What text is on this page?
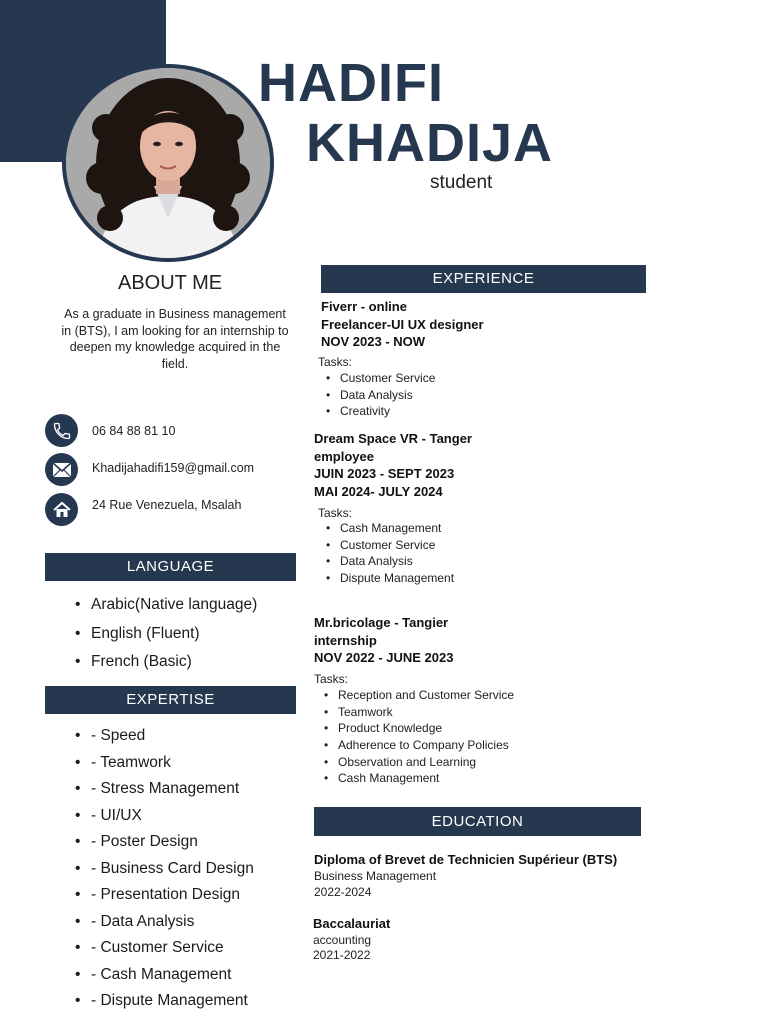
HADIFI
KHADIJA
student
ABOUT ME
As a graduate in Business management in (BTS), I am looking for an internship to deepen my knowledge acquired in the field.
06 84 88 81 10
Khadijahadifi159@gmail.com
24 Rue Venezuela, Msalah
LANGUAGE
• Arabic(Native language)
• English (Fluent)
• French (Basic)
EXPERTISE
• - Speed
• - Teamwork
• - Stress Management
• - UI/UX
• - Poster Design
• - Business Card Design
• - Presentation Design
• - Data Analysis
• - Customer Service
• - Cash Management
• - Dispute Management
EXPERIENCE
Fiverr - online
Freelancer-UI UX designer
NOV 2023 - NOW
Tasks:
• Customer Service
• Data Analysis
• Creativity
Dream Space VR - Tanger
employee
JUIN 2023 - SEPT 2023
MAI 2024- JULY 2024
Tasks:
• Cash Management
• Customer Service
• Data Analysis
• Dispute Management
Mr.bricolage - Tangier
internship
NOV 2022 - JUNE 2023
Tasks:
• Reception and Customer Service
• Teamwork
• Product Knowledge
• Adherence to Company Policies
• Observation and Learning
• Cash Management
EDUCATION
Diploma of Brevet de Technicien Supérieur (BTS)
Business Management
2022-2024
Baccalauriat
accounting
2021-2022
